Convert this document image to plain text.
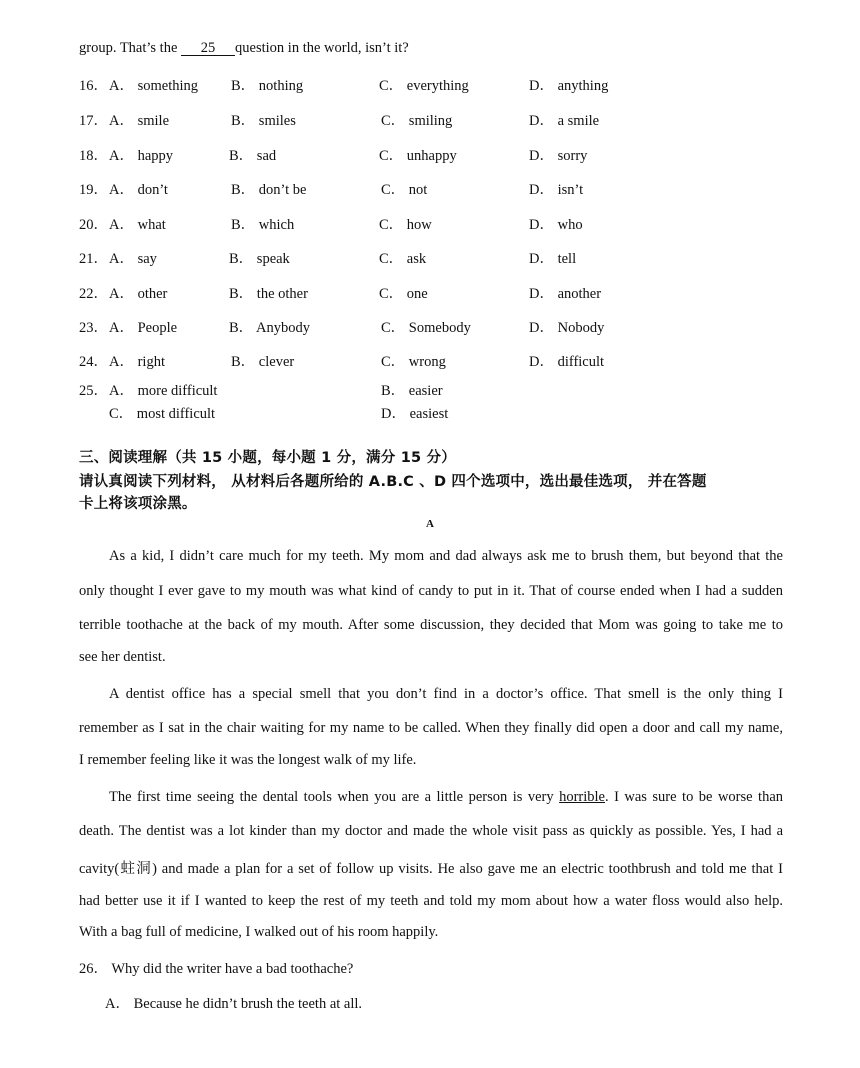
group. That’s the 25 question in the world, isn’t it?
16． A． something B． nothing	C． everything	D． anything
17． A． smile	B． smiles	C． smiling	D． a smile
18． A． happy	B． sad	C． unhappy	D． sorry
19． A． don’t	B． don’t be	C． not	D． isn’t
20． A． what	B． which	C． how	D． who
21． A． say	B． speak	C． ask	D． tell
22． A． other	B． the other	C． one	D． another
23． A． People	B． Anybody	C． Somebody	D． Nobody
24． A． right	B． clever	C． wrong	D． difficult
25． A． more difficult	B． easier
C． most difficult	D． easiest
三、阅读理解（共 15 小题，每小题 1 分，满分 15 分）
请认真阅读下列材料， 从材料后各题所给的 A.B.C 、D 四个选项中，选出最佳选项， 并在答题
卡上将该项涂黑。
A
As a kid, I didn’t care much for my teeth. My mom and dad always ask me to brush them, but beyond that the
only thought I ever gave to my mouth was what kind of candy to put in it. That of course ended when I had a sudden
terrible toothache at the back of my mouth. After some discussion, they decided that Mom was going to take me to
see her dentist.
A dentist office has a special smell that you don’t find in a doctor’s office. That smell is the only thing I
remember as I sat in the chair waiting for my name to be called. When they finally did open a door and call my name,
I remember feeling like it was the longest walk of my life.
The first time seeing the dental tools when you are a little person is very horrible. I was sure to be worse than
death. The dentist was a lot kinder than my doctor and made the whole visit pass as quickly as possible. Yes, I had a
cavity(蛀洞) and made a plan for a set of follow up visits. He also gave me an electric toothbrush and told me that I
had better use it if I wanted to keep the rest of my teeth and told my mom about how a water floss would also help.
With a bag full of medicine, I walked out of his room happily.
26． Why did the writer have a bad toothache?
A． Because he didn’t brush the teeth at all.
